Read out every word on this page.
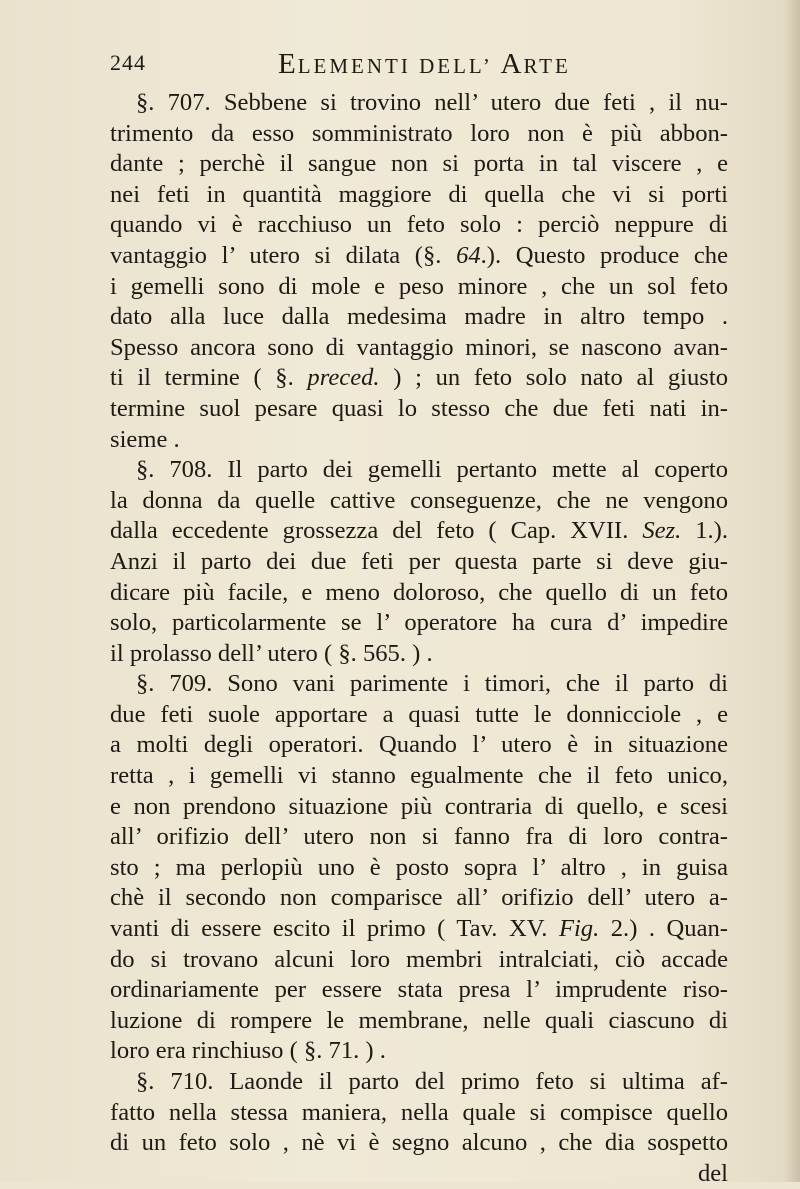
244	ELEMENTI DELL’ ARTE
§. 707. Sebbene si trovino nell’ utero due feti , il nu-
trimento da esso somministrato loro non è più abbon-
dante ; perchè il sangue non si porta in tal viscere , e
nei feti in quantità maggiore di quella che vi si porti
quando vi è racchiuso un feto solo : perciò neppure di
vantaggio l’ utero si dilata (§. 64.). Questo produce che
i gemelli sono di mole e peso minore , che un sol feto
dato alla luce dalla medesima madre in altro tempo .
Spesso ancora sono di vantaggio minori, se nascono avan-
ti il termine ( §. preced. ) ; un feto solo nato al giusto
termine suol pesare quasi lo stesso che due feti nati in-
sieme .
§. 708. Il parto dei gemelli pertanto mette al coperto
la donna da quelle cattive conseguenze, che ne vengono
dalla eccedente grossezza del feto ( Cap. XVII. Sez. 1.).
Anzi il parto dei due feti per questa parte si deve giu-
dicare più facile, e meno doloroso, che quello di un feto
solo, particolarmente se l’ operatore ha cura d’ impedire
il prolasso dell’ utero ( §. 565. ) .
§. 709. Sono vani parimente i timori, che il parto di
due feti suole apportare a quasi tutte le donnicciole , e
a molti degli operatori. Quando l’ utero è in situazione
retta , i gemelli vi stanno egualmente che il feto unico,
e non prendono situazione più contraria di quello, e scesi
all’ orifizio dell’ utero non si fanno fra di loro contra-
sto ; ma perlopiù uno è posto sopra l’ altro , in guisa
chè il secondo non comparisce all’ orifizio dell’ utero a-
vanti di essere escito il primo ( Tav. XV. Fig. 2.) . Quan-
do si trovano alcuni loro membri intralciati, ciò accade
ordinariamente per essere stata presa l’ imprudente riso-
luzione di rompere le membrane, nelle quali ciascuno di
loro era rinchiuso ( §. 71. ) .
§. 710. Laonde il parto del primo feto si ultima af-
fatto nella stessa maniera, nella quale si compisce quello
di un feto solo , nè vi è segno alcuno , che dia sospetto
del
